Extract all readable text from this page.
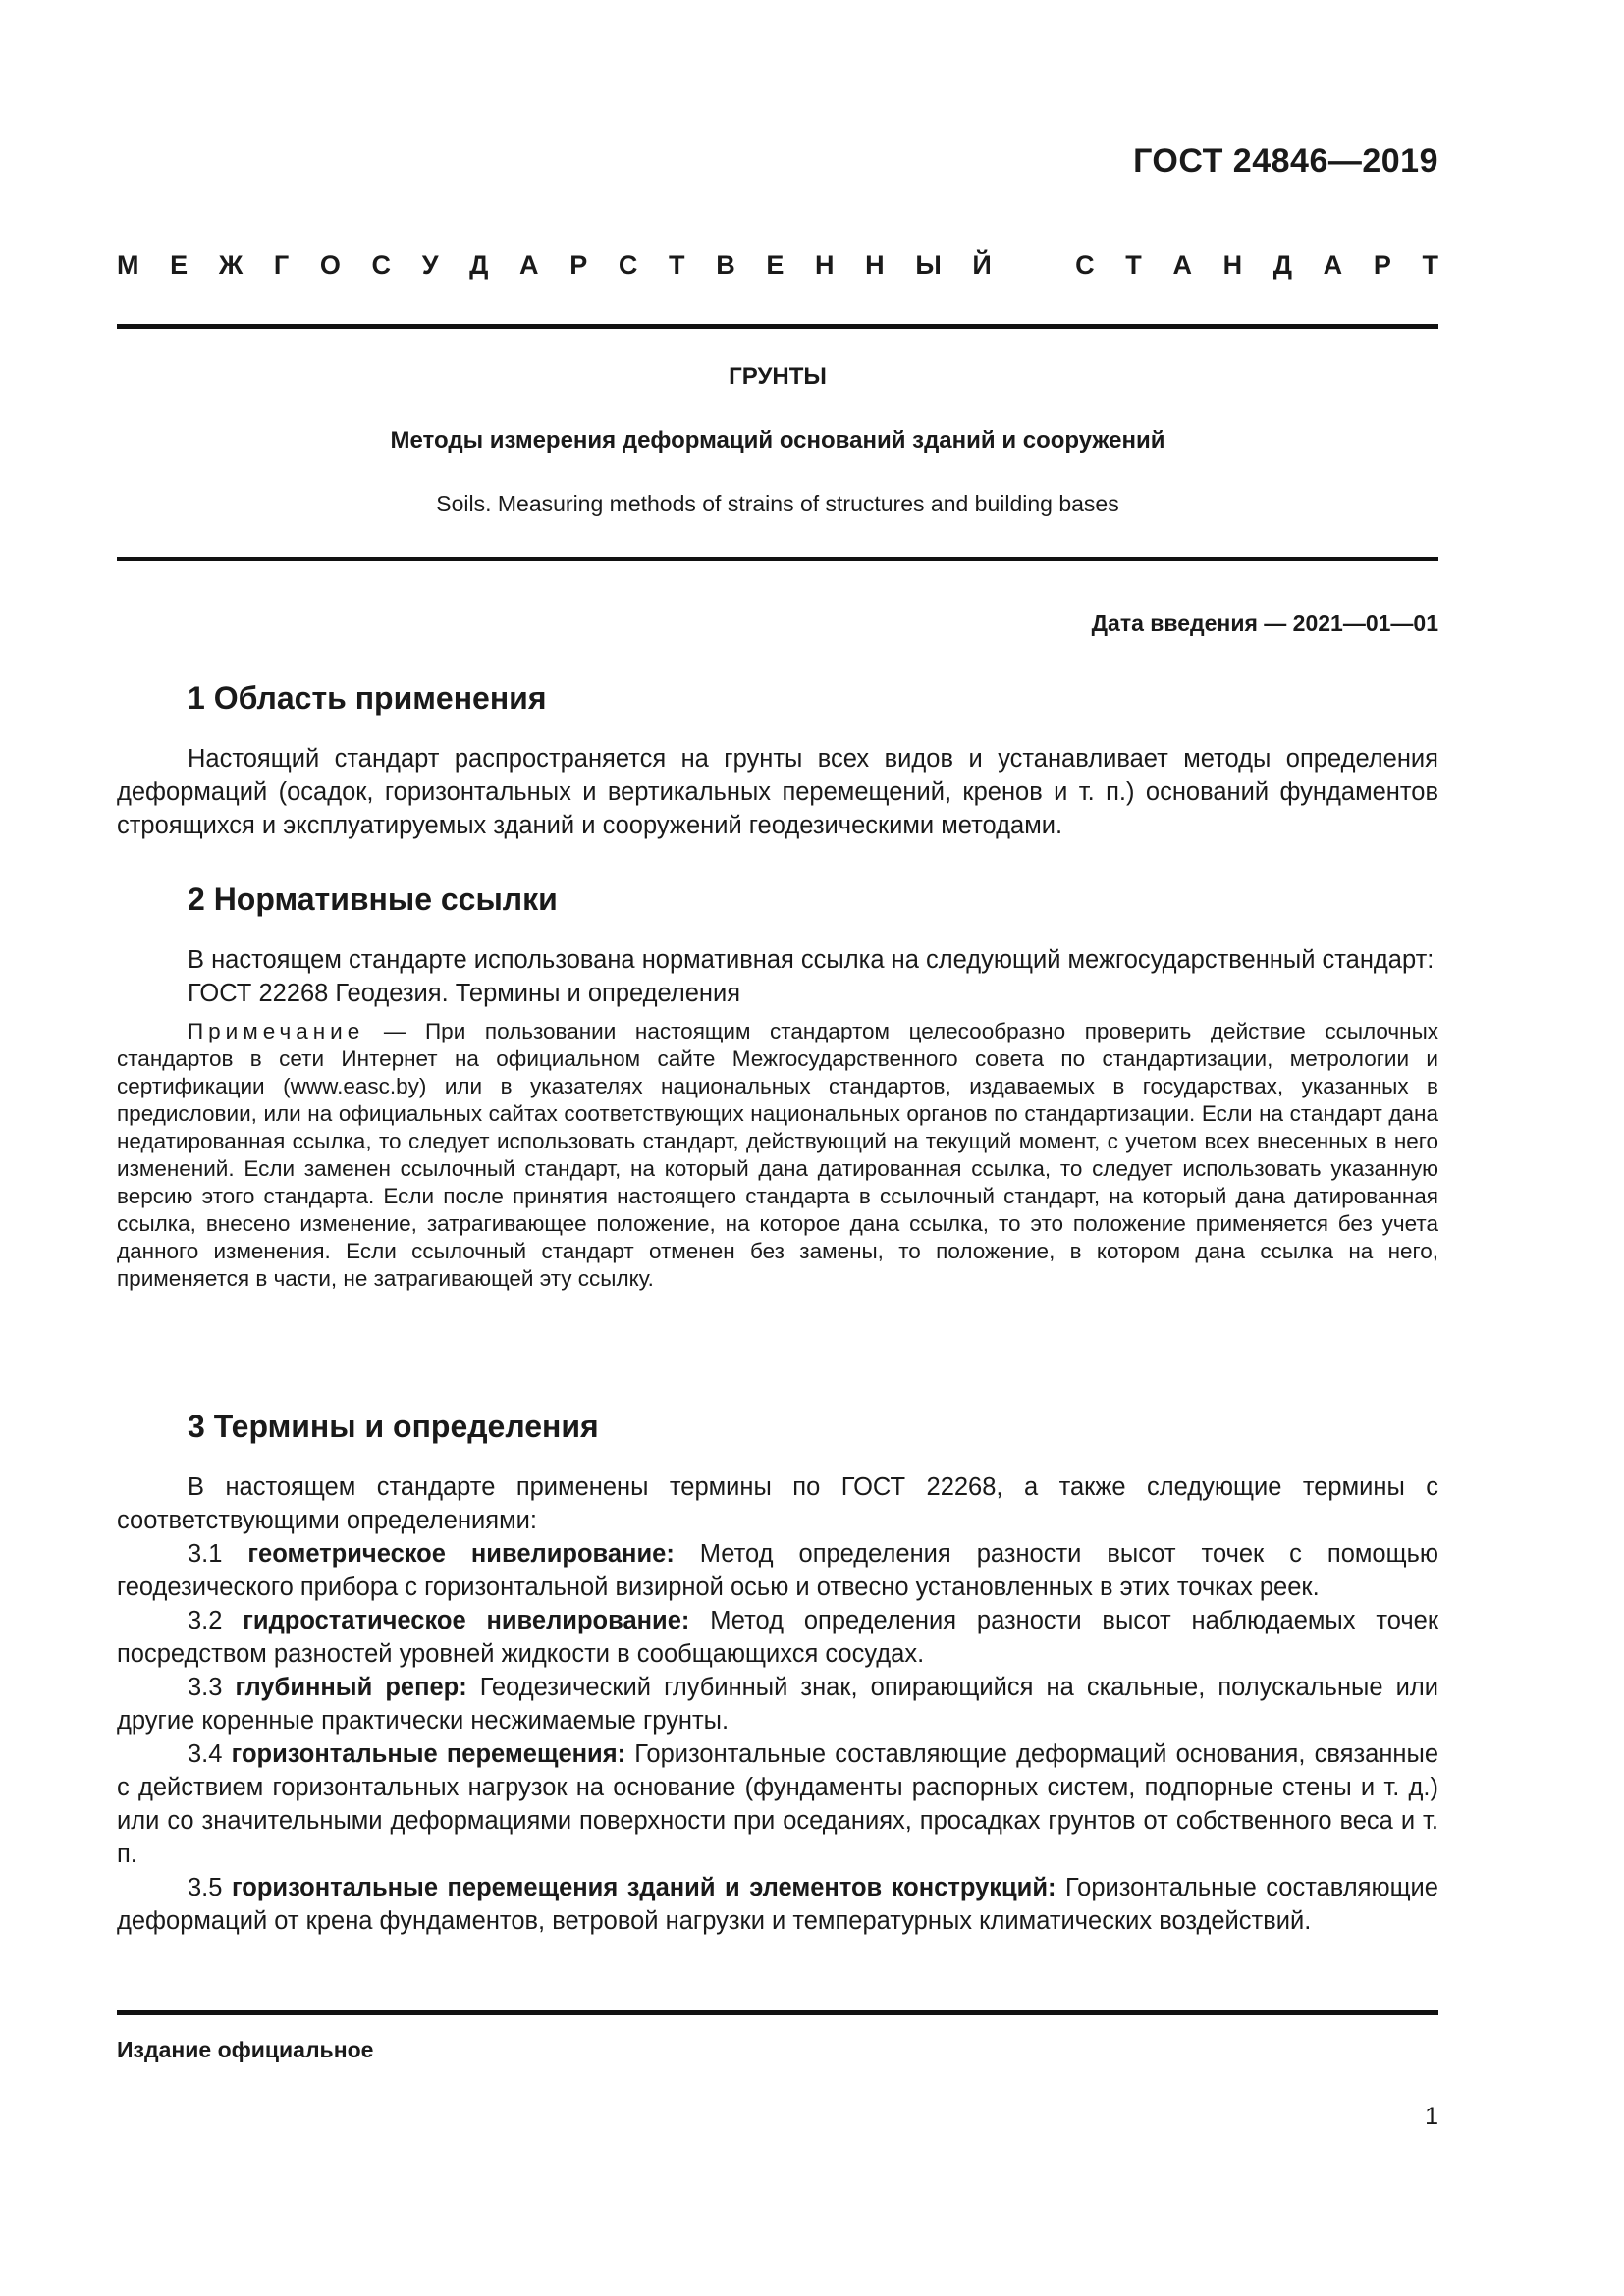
ГОСТ 24846—2019
М Е Ж Г О С У Д А Р С Т В Е Н Н Ы Й	С Т А Н Д А Р Т
ГРУНТЫ
Методы измерения деформаций оснований зданий и сооружений
Soils. Measuring methods of strains of structures and building bases
Дата введения — 2021—01—01
1 Область применения

Настоящий стандарт распространяется на грунты всех видов и устанавливает методы определения деформаций (осадок, горизонтальных и вертикальных перемещений, кренов и т. п.) оснований фундаментов строящихся и эксплуатируемых зданий и сооружений геодезическими методами.

2 Нормативные ссылки

В настоящем стандарте использована нормативная ссылка на следующий межгосударственный стандарт:

ГОСТ 22268 Геодезия. Термины и определения

Примечание — При пользовании настоящим стандартом целесообразно проверить действие ссылочных стандартов в сети Интернет на официальном сайте Межгосударственного совета по стандартизации, метрологии и сертификации (www.easc.by) или в указателях национальных стандартов, издаваемых в государствах, указанных в предисловии, или на официальных сайтах соответствующих национальных органов по стандартизации. Если на стандарт дана недатированная ссылка, то следует использовать стандарт, действующий на текущий момент, с учетом всех внесенных в него изменений. Если заменен ссылочный стандарт, на который дана датированная ссылка, то следует использовать указанную версию этого стандарта. Если после принятия настоящего стандарта в ссылочный стандарт, на который дана датированная ссылка, внесено изменение, затрагивающее положение, на которое дана ссылка, то это положение применяется без учета данного изменения. Если ссылочный стандарт отменен без замены, то положение, в котором дана ссылка на него, применяется в части, не затрагивающей эту ссылку.

3 Термины и определения

В настоящем стандарте применены термины по ГОСТ 22268, а также следующие термины с соответствующими определениями:

3.1 геометрическое нивелирование: Метод определения разности высот точек с помощью геодезического прибора с горизонтальной визирной осью и отвесно установленных в этих точках реек.

3.2 гидростатическое нивелирование: Метод определения разности высот наблюдаемых точек посредством разностей уровней жидкости в сообщающихся сосудах.

3.3 глубинный репер: Геодезический глубинный знак, опирающийся на скальные, полускальные или другие коренные практически несжимаемые грунты.

3.4 горизонтальные перемещения: Горизонтальные составляющие деформаций основания, связанные с действием горизонтальных нагрузок на основание (фундаменты распорных систем, подпорные стены и т. д.) или со значительными деформациями поверхности при оседаниях, просадках грунтов от собственного веса и т. п.

3.5 горизонтальные перемещения зданий и элементов конструкций: Горизонтальные составляющие деформаций от крена фундаментов, ветровой нагрузки и температурных климатических воздействий.

Издание официальное
1
